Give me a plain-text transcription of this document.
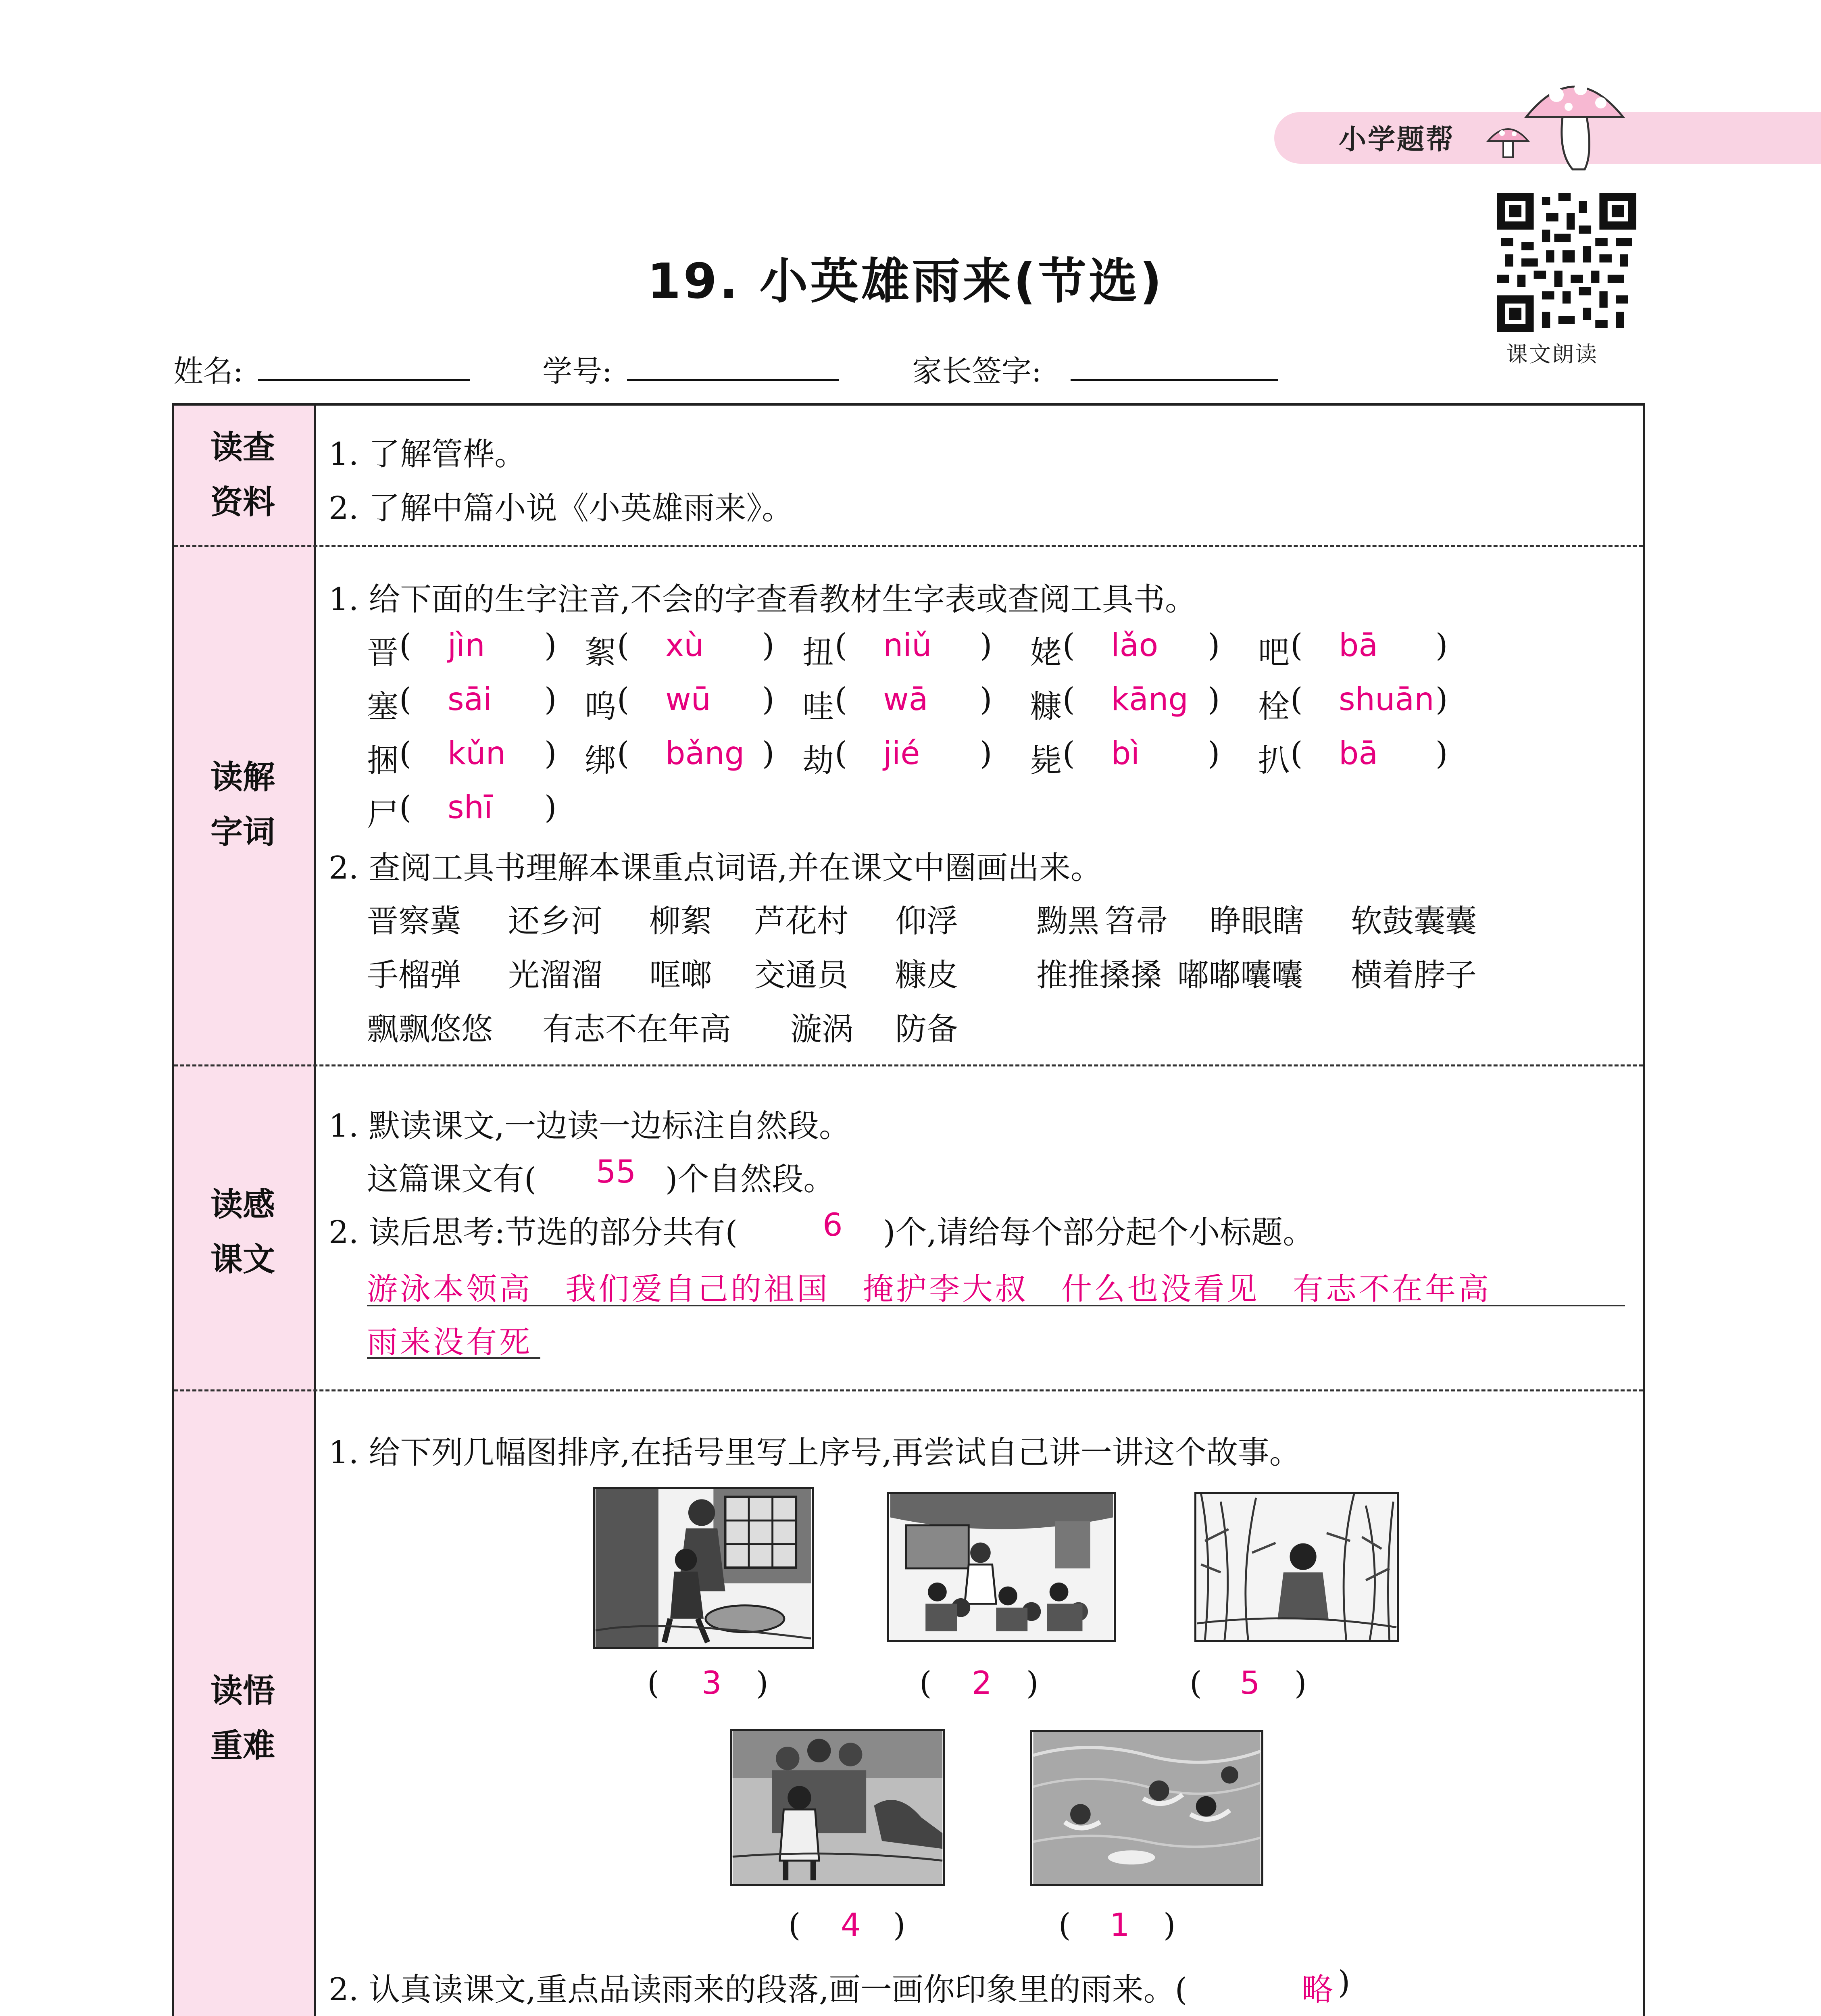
小学题帮
课文朗读
19. 小英雄雨来(节选)
姓名:	学号:	家长签字:
读查
资料
1. 了解管桦。
2. 了解中篇小说《小英雄雨来》。
读解
字词
1. 给下面的生字注音,不会的字查看教材生字表或查阅工具书。
晋 ( jìn ) 絮 ( xù ) 扭 ( niǔ ) 姥 ( lǎo ) 吧 ( bā )
塞 ( sāi ) 呜 ( wū ) 哇 ( wā ) 糠 ( kāng ) 栓 ( shuān )
捆 ( kǔn ) 绑 ( bǎng ) 劫 ( jié ) 毙 ( bì ) 扒 ( bā )
尸 ( shī )
2. 查阅工具书理解本课重点词语,并在课文中圈画出来。
晋察冀 还乡河 柳絮 芦花村 仰浮 黝黑 笤帚 睁眼瞎 软鼓囊囊
手榴弹 光溜溜 哐啷 交通员 糠皮 推推搡搡 嘟嘟囔囔 横着脖子
飘飘悠悠 有志不在年高 漩涡 防备
读感
课文
1. 默读课文,一边读一边标注自然段。
这篇课文有( 55 )个自然段。
2. 读后思考:节选的部分共有(	6 )个,请给每个部分起个小标题。
游泳本领高　我们爱自己的祖国　掩护李大叔　什么也没看见　有志不在年高
雨来没有死
读悟
重难
1. 给下列几幅图排序,在括号里写上序号,再尝试自己讲一讲这个故事。
( 3 )	( 2 )	( 5 )
( 4 )	( 1 )
2. 认真读课文,重点品读雨来的段落,画一画你印象里的雨来。(	略 )
